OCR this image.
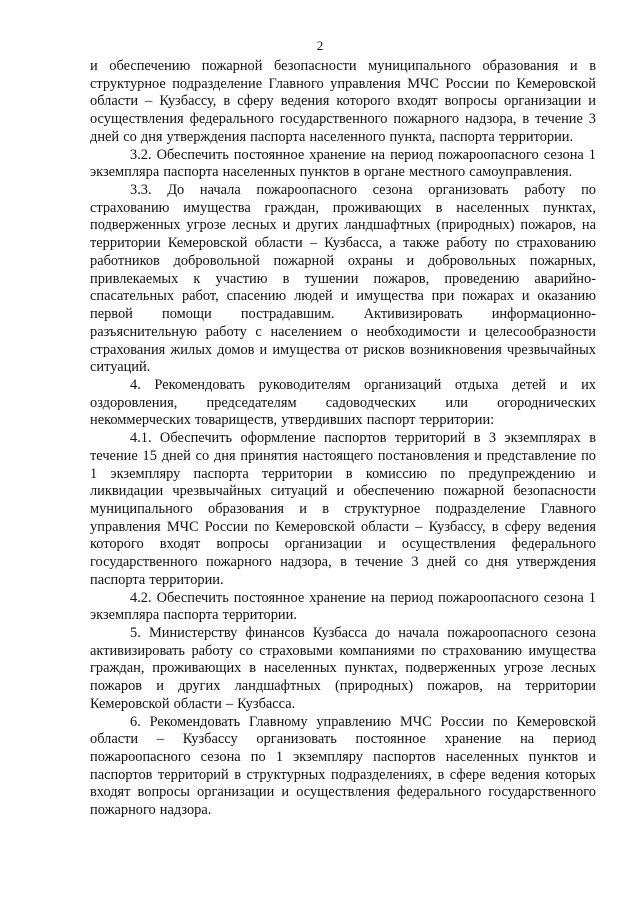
2

и обеспечению пожарной безопасности муниципального образования и в структурное подразделение Главного управления МЧС России по Кемеровской области – Кузбассу, в сферу ведения которого входят вопросы организации и осуществления федерального государственного пожарного надзора, в течение 3 дней со дня утверждения паспорта населенного пункта, паспорта территории.

3.2. Обеспечить постоянное хранение на период пожароопасного сезона 1 экземпляра паспорта населенных пунктов в органе местного самоуправления.

3.3. До начала пожароопасного сезона организовать работу по страхованию имущества граждан, проживающих в населенных пунктах, подверженных угрозе лесных и других ландшафтных (природных) пожаров, на территории Кемеровской области – Кузбасса, а также работу по страхованию работников добровольной пожарной охраны и добровольных пожарных, привлекаемых к участию в тушении пожаров, проведению аварийно-спасательных работ, спасению людей и имущества при пожарах и оказанию первой помощи пострадавшим. Активизировать информационно-разъяснительную работу с населением о необходимости и целесообразности страхования жилых домов и имущества от рисков возникновения чрезвычайных ситуаций.

4. Рекомендовать руководителям организаций отдыха детей и их оздоровления, председателям садоводческих или огороднических некоммерческих товариществ, утвердивших паспорт территории:

4.1. Обеспечить оформление паспортов территорий в 3 экземплярах в течение 15 дней со дня принятия настоящего постановления и представление по 1 экземпляру паспорта территории в комиссию по предупреждению и ликвидации чрезвычайных ситуаций и обеспечению пожарной безопасности муниципального образования и в структурное подразделение Главного управления МЧС России по Кемеровской области – Кузбассу, в сферу ведения которого входят вопросы организации и осуществления федерального государственного пожарного надзора, в течение 3 дней со дня утверждения паспорта территории.

4.2. Обеспечить постоянное хранение на период пожароопасного сезона 1 экземпляра паспорта территории.

5. Министерству финансов Кузбасса до начала пожароопасного сезона активизировать работу со страховыми компаниями по страхованию имущества граждан, проживающих в населенных пунктах, подверженных угрозе лесных пожаров и других ландшафтных (природных) пожаров, на территории Кемеровской области – Кузбасса.

6. Рекомендовать Главному управлению МЧС России по Кемеровской области – Кузбассу организовать постоянное хранение на период пожароопасного сезона по 1 экземпляру паспортов населенных пунктов и паспортов территорий в структурных подразделениях, в сфере ведения которых входят вопросы организации и осуществления федерального государственного пожарного надзора.
